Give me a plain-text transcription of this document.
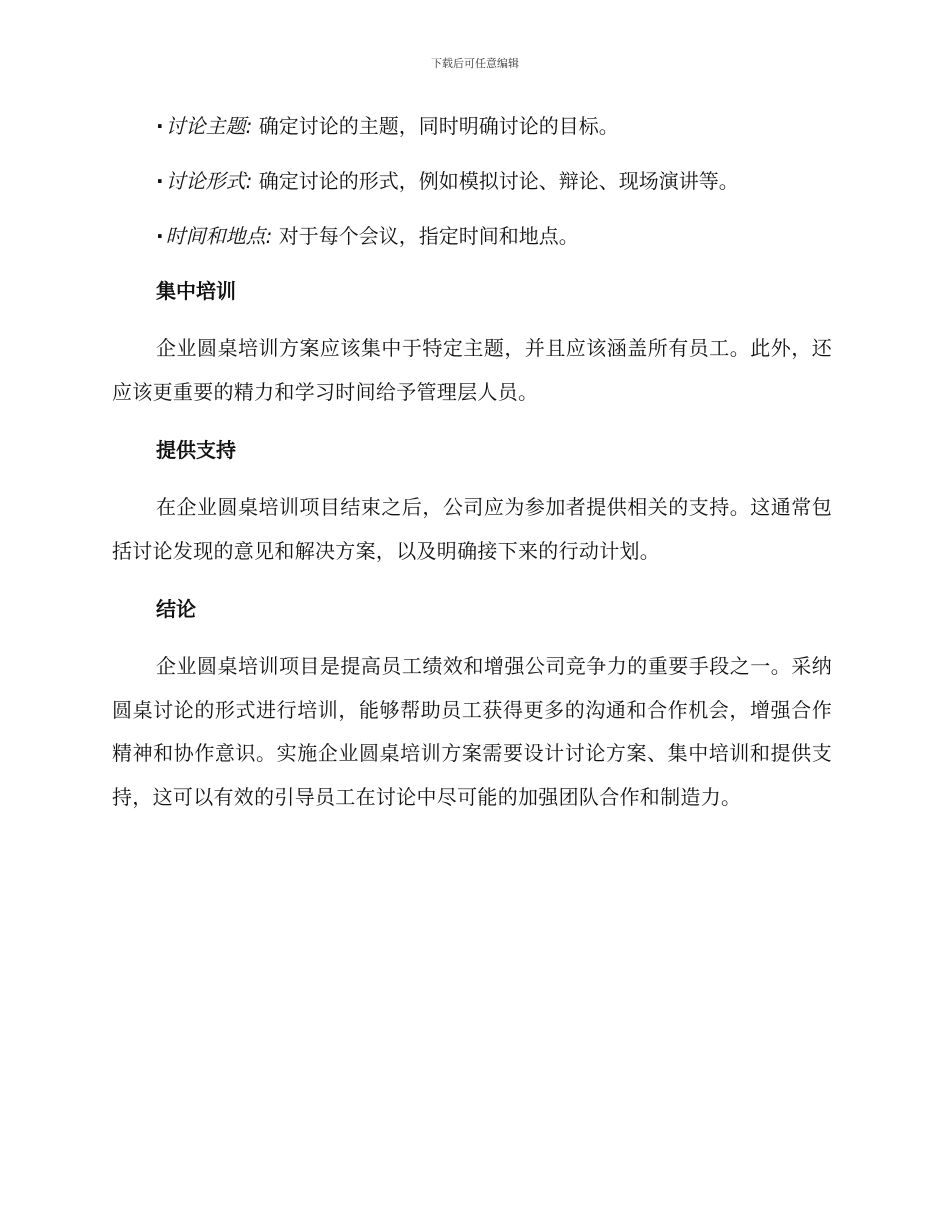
下载后可任意编辑
· 讨论主题: 确定讨论的主题，同时明确讨论的目标。
· 讨论形式: 确定讨论的形式，例如模拟讨论、辩论、现场演讲等。
· 时间和地点: 对于每个会议，指定时间和地点。
集中培训

企业圆桌培训方案应该集中于特定主题，并且应该涵盖所有员工。此外，还应该更重要的精力和学习时间给予管理层人员。

提供支持

在企业圆桌培训项目结束之后，公司应为参加者提供相关的支持。这通常包括讨论发现的意见和解决方案，以及明确接下来的行动计划。

结论

企业圆桌培训项目是提高员工绩效和增强公司竞争力的重要手段之一。采纳圆桌讨论的形式进行培训，能够帮助员工获得更多的沟通和合作机会，增强合作精神和协作意识。实施企业圆桌培训方案需要设计讨论方案、集中培训和提供支持，这可以有效的引导员工在讨论中尽可能的加强团队合作和制造力。
